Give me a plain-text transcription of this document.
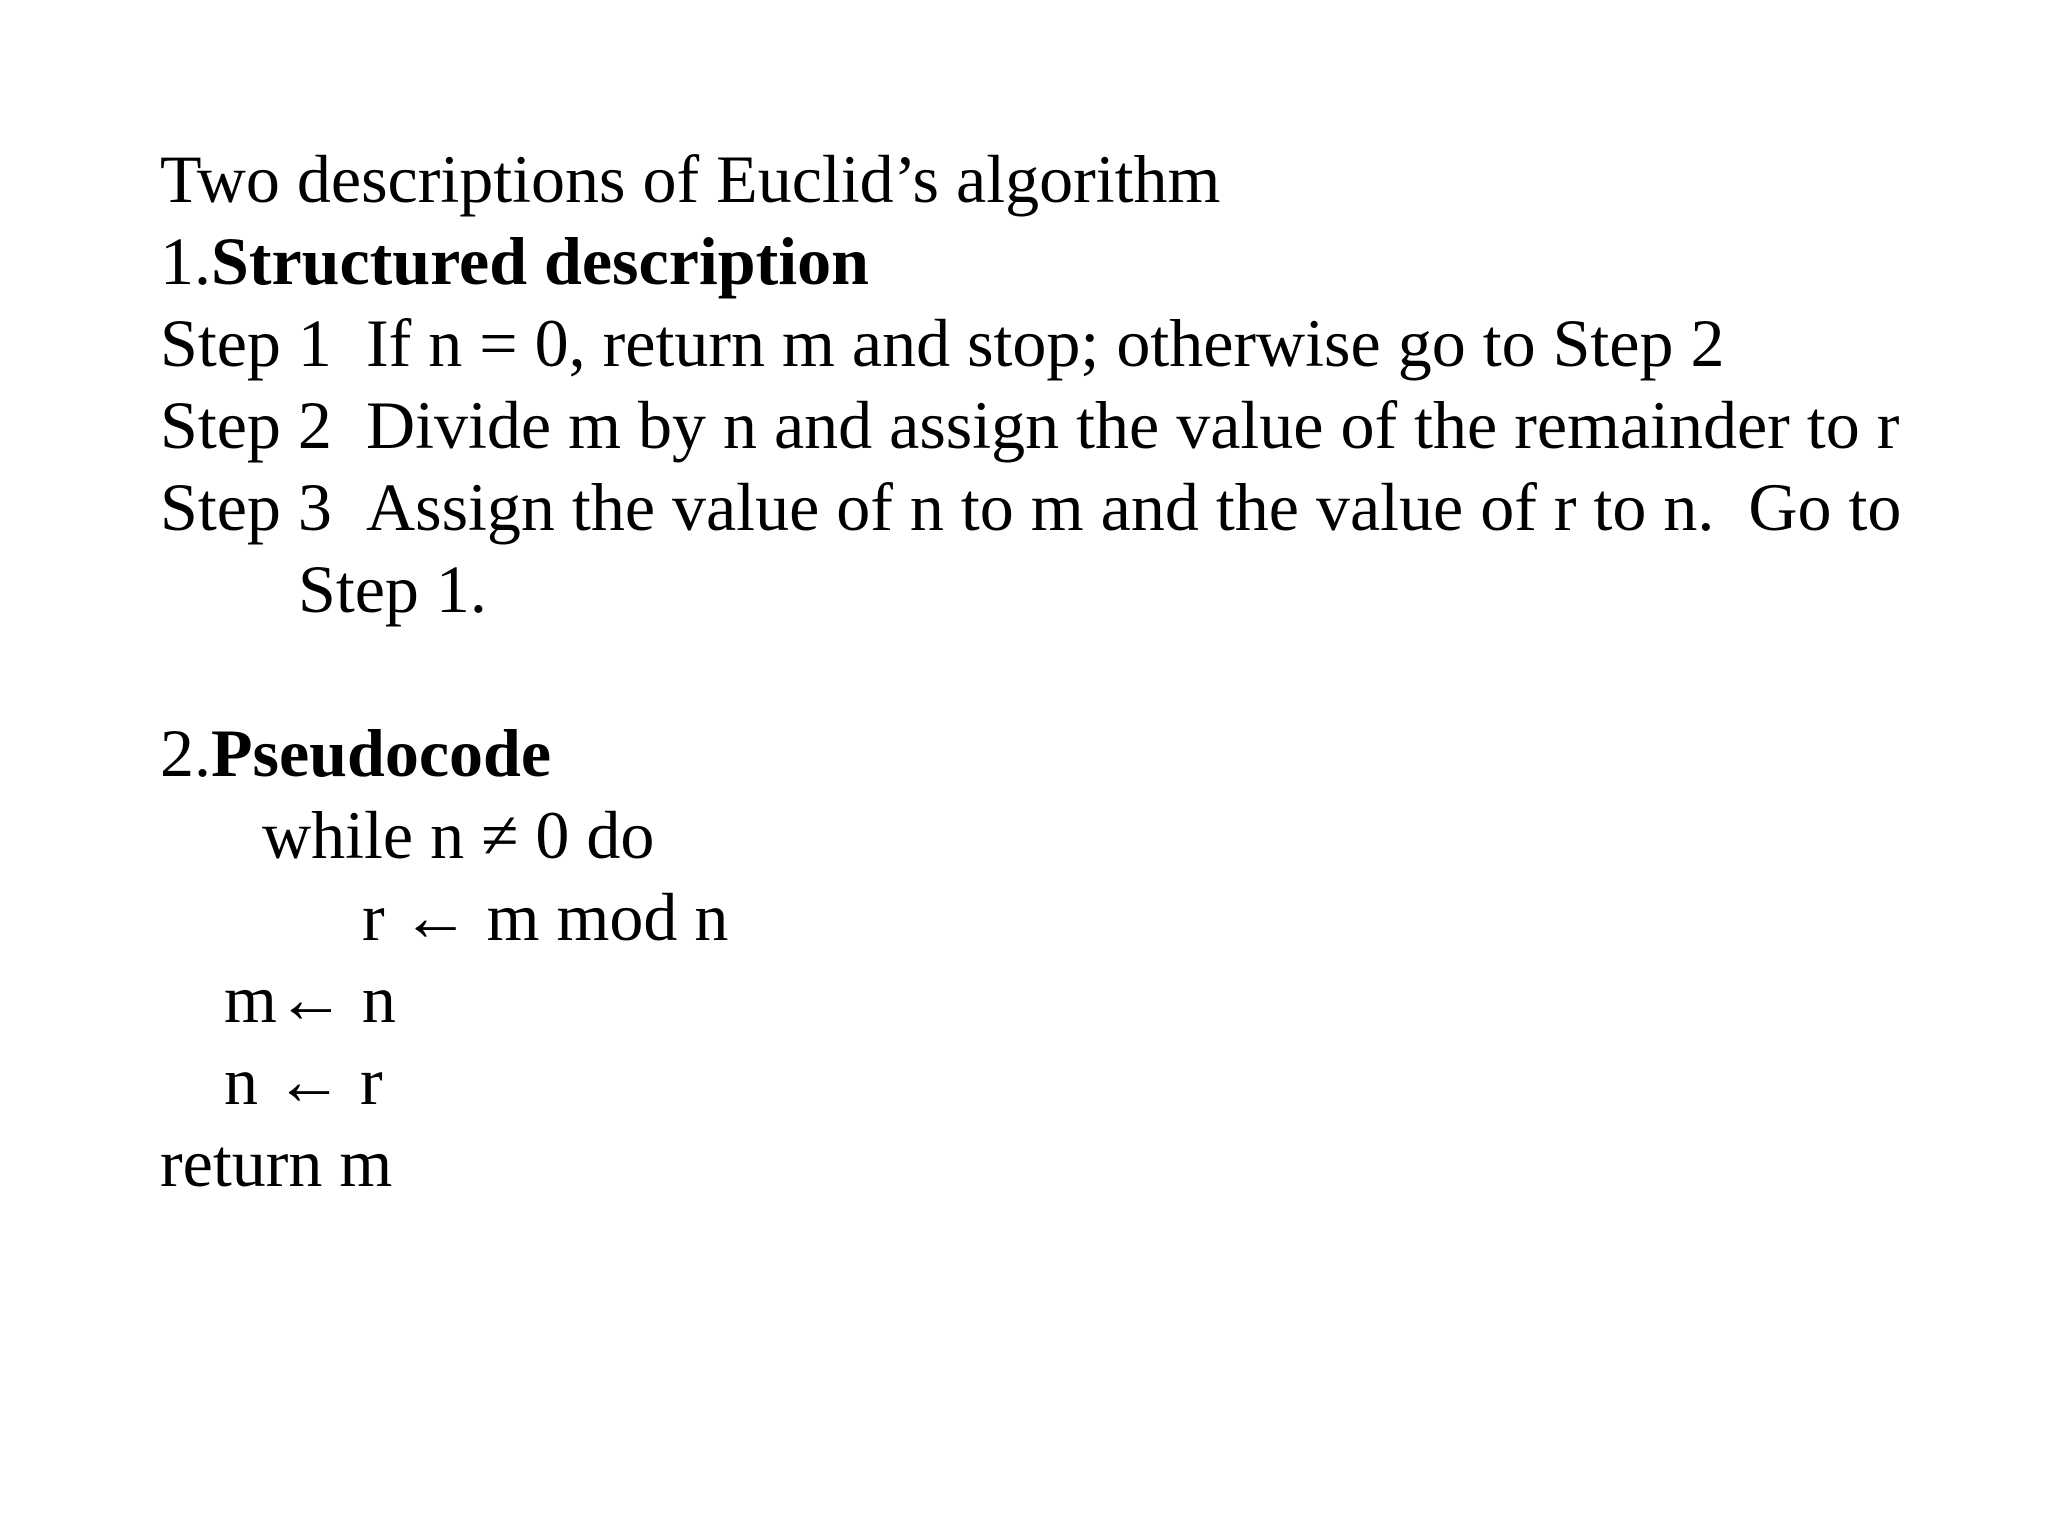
Two descriptions of Euclid’s algorithm
1.Structured description
Step 1 If n = 0, return m and stop; otherwise go to Step 2
Step 2 Divide m by n and assign the value of the remainder to r
Step 3 Assign the value of n to m and the value of r to n.  Go to
Step 1.
2.Pseudocode
while n ≠ 0 do
r ← m mod n
m← n
n ← r
return m
